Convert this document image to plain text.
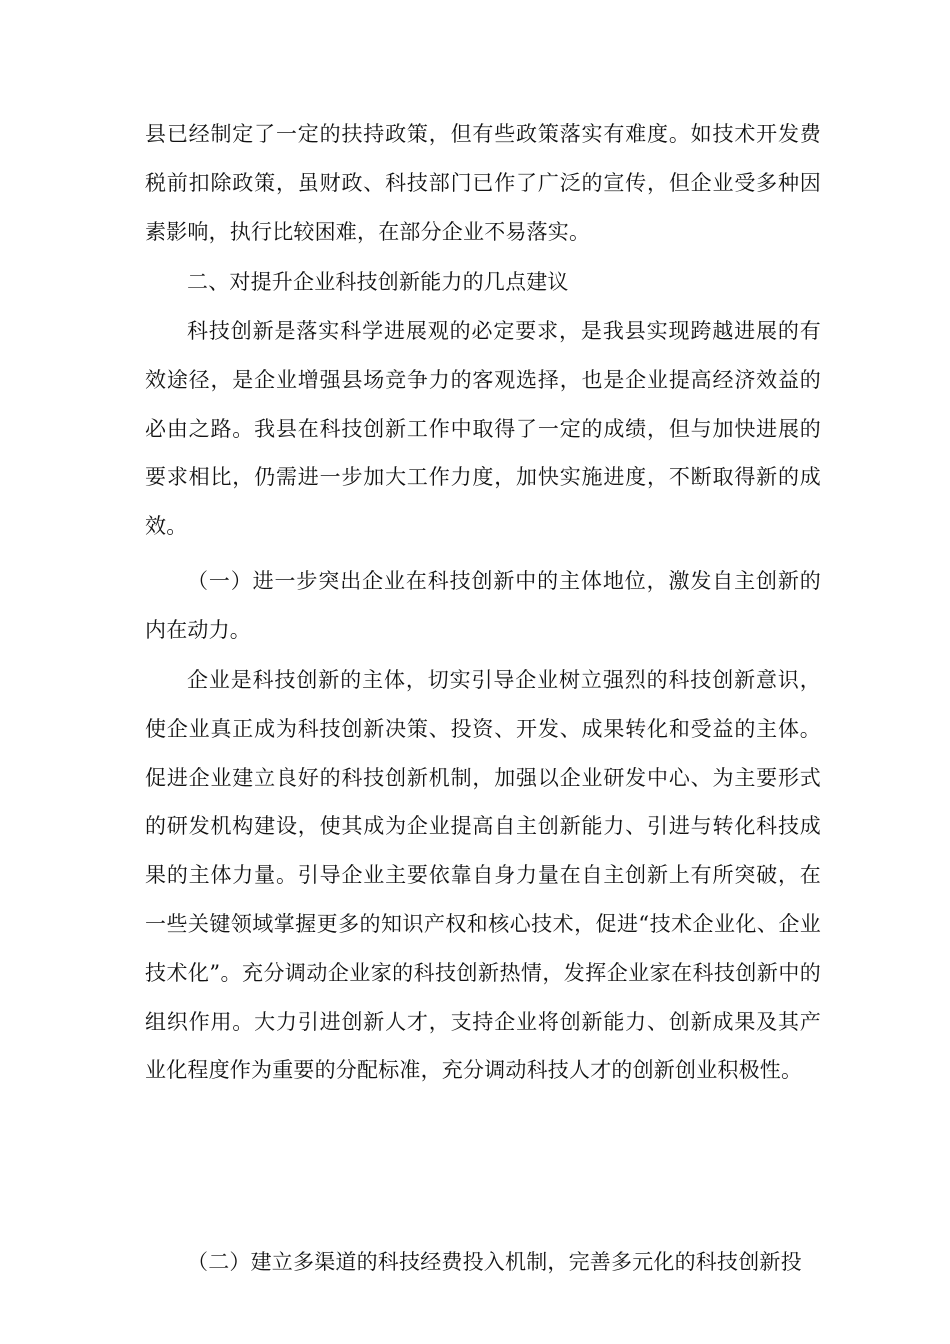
县已经制定了一定的扶持政策，但有些政策落实有难度。如技术开发费税前扣除政策，虽财政、科技部门已作了广泛的宣传，但企业受多种因素影响，执行比较困难，在部分企业不易落实。

二、对提升企业科技创新能力的几点建议

科技创新是落实科学进展观的必定要求，是我县实现跨越进展的有效途径，是企业增强县场竞争力的客观选择，也是企业提高经济效益的必由之路。我县在科技创新工作中取得了一定的成绩，但与加快进展的要求相比，仍需进一步加大工作力度，加快实施进度，不断取得新的成效。

（一）进一步突出企业在科技创新中的主体地位，激发自主创新的内在动力。

企业是科技创新的主体，切实引导企业树立强烈的科技创新意识，使企业真正成为科技创新决策、投资、开发、成果转化和受益的主体。促进企业建立良好的科技创新机制，加强以企业研发中心、为主要形式的研发机构建设，使其成为企业提高自主创新能力、引进与转化科技成果的主体力量。引导企业主要依靠自身力量在自主创新上有所突破，在一些关键领域掌握更多的知识产权和核心技术，促进“技术企业化、企业技术化”。充分调动企业家的科技创新热情，发挥企业家在科技创新中的组织作用。大力引进创新人才，支持企业将创新能力、创新成果及其产业化程度作为重要的分配标准，充分调动科技人才的创新创业积极性。

（二）建立多渠道的科技经费投入机制，完善多元化的科技创新投
